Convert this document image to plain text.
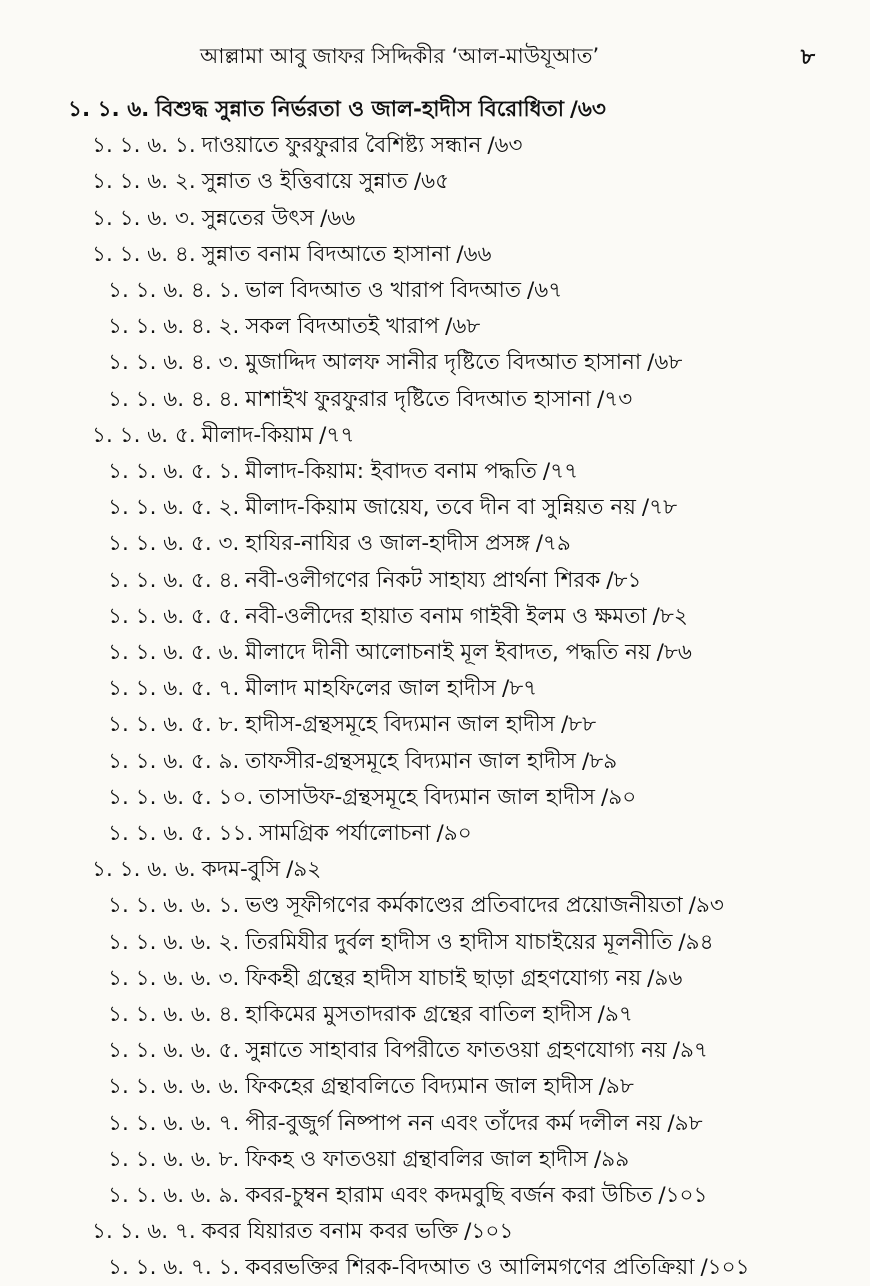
আল্লামা আবু জাফর সিদ্দিকীর ‘আল-মাউযূআত’	৮
১. ১. ৬. বিশুদ্ধ সুন্নাত নির্ভরতা ও জাল-হাদীস বিরোধিতা /৬৩
১. ১. ৬. ১. দাওয়াতে ফুরফুরার বৈশিষ্ট্য সন্ধান /৬৩
১. ১. ৬. ২. সুন্নাত ও ইত্তিবায়ে সুন্নাত /৬৫
১. ১. ৬. ৩. সুন্নতের উৎস /৬৬
১. ১. ৬. ৪. সুন্নাত বনাম বিদআতে হাসানা /৬৬
১. ১. ৬. ৪. ১. ভাল বিদআত ও খারাপ বিদআত /৬৭
১. ১. ৬. ৪. ২. সকল বিদআতই খারাপ /৬৮
১. ১. ৬. ৪. ৩. মুজাদ্দিদ আলফ সানীর দৃষ্টিতে বিদআত হাসানা /৬৮
১. ১. ৬. ৪. ৪. মাশাইখ ফুরফুরার দৃষ্টিতে বিদআত হাসানা /৭৩
১. ১. ৬. ৫. মীলাদ-কিয়াম /৭৭
১. ১. ৬. ৫. ১. মীলাদ-কিয়াম: ইবাদত বনাম পদ্ধতি /৭৭
১. ১. ৬. ৫. ২. মীলাদ-কিয়াম জায়েয, তবে দীন বা সুন্নিয়ত নয় /৭৮
১. ১. ৬. ৫. ৩. হাযির-নাযির ও জাল-হাদীস প্রসঙ্গ /৭৯
১. ১. ৬. ৫. ৪. নবী-ওলীগণের নিকট সাহায্য প্রার্থনা শিরক /৮১
১. ১. ৬. ৫. ৫. নবী-ওলীদের হায়াত বনাম গাইবী ইলম ও ক্ষমতা /৮২
১. ১. ৬. ৫. ৬. মীলাদে দীনী আলোচনাই মূল ইবাদত, পদ্ধতি নয় /৮৬
১. ১. ৬. ৫. ৭. মীলাদ মাহফিলের জাল হাদীস /৮৭
১. ১. ৬. ৫. ৮. হাদীস-গ্রন্থসমূহে বিদ্যমান জাল হাদীস /৮৮
১. ১. ৬. ৫. ৯. তাফসীর-গ্রন্থসমূহে বিদ্যমান জাল হাদীস /৮৯
১. ১. ৬. ৫. ১০. তাসাউফ-গ্রন্থসমূহে বিদ্যমান জাল হাদীস /৯০
১. ১. ৬. ৫. ১১. সামগ্রিক পর্যালোচনা /৯০
১. ১. ৬. ৬. কদম-বুসি /৯২
১. ১. ৬. ৬. ১. ভণ্ড সূফীগণের কর্মকাণ্ডের প্রতিবাদের প্রয়োজনীয়তা /৯৩
১. ১. ৬. ৬. ২. তিরমিযীর দুর্বল হাদীস ও হাদীস যাচাইয়ের মূলনীতি /৯৪
১. ১. ৬. ৬. ৩. ফিকহী গ্রন্থের হাদীস যাচাই ছাড়া গ্রহণযোগ্য নয় /৯৬
১. ১. ৬. ৬. ৪. হাকিমের মুসতাদরাক গ্রন্থের বাতিল হাদীস /৯৭
১. ১. ৬. ৬. ৫. সুন্নাতে সাহাবার বিপরীতে ফাতওয়া গ্রহণযোগ্য নয় /৯৭
১. ১. ৬. ৬. ৬. ফিকহের গ্রন্থাবলিতে বিদ্যমান জাল হাদীস /৯৮
১. ১. ৬. ৬. ৭. পীর-বুজুর্গ নিষ্পাপ নন এবং তাঁদের কর্ম দলীল নয় /৯৮
১. ১. ৬. ৬. ৮. ফিকহ ও ফাতওয়া গ্রন্থাবলির জাল হাদীস /৯৯
১. ১. ৬. ৬. ৯. কবর-চুম্বন হারাম এবং কদমবুছি বর্জন করা উচিত /১০১
১. ১. ৬. ৭. কবর যিয়ারত বনাম কবর ভক্তি /১০১
১. ১. ৬. ৭. ১. কবরভক্তির শিরক-বিদআত ও আলিমগণের প্রতিক্রিয়া /১০১
